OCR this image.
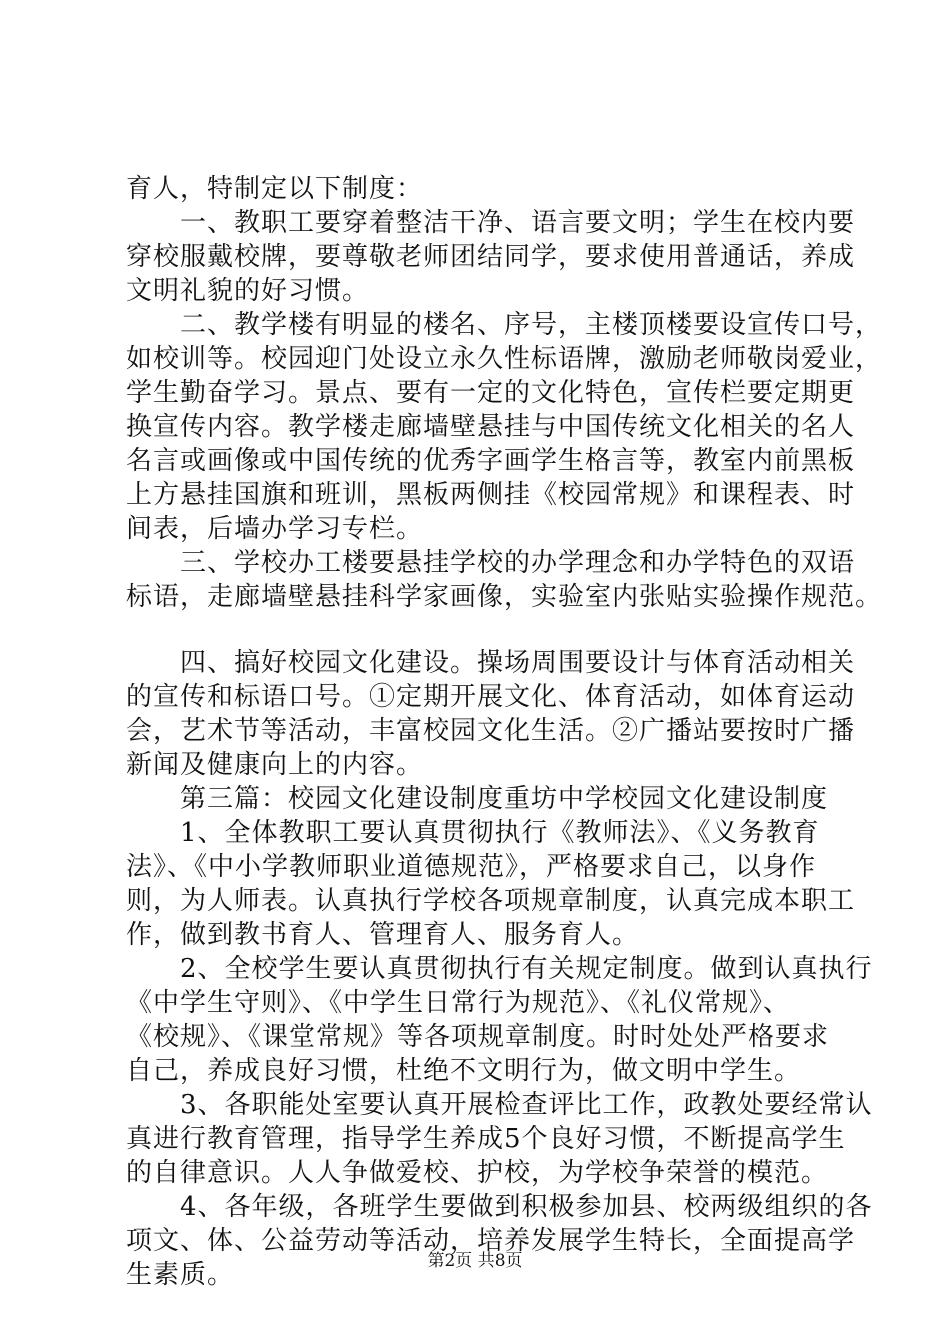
育人，特制定以下制度：
　　一、教职工要穿着整洁干净、语言要文明；学生在校内要
穿校服戴校牌，要尊敬老师团结同学，要求使用普通话，养成
文明礼貌的好习惯。
　　二、教学楼有明显的楼名、序号，主楼顶楼要设宣传口号，
如校训等。校园迎门处设立永久性标语牌，激励老师敬岗爱业，
学生勤奋学习。景点、要有一定的文化特色，宣传栏要定期更
换宣传内容。教学楼走廊墙壁悬挂与中国传统文化相关的名人
名言或画像或中国传统的优秀字画学生格言等，教室内前黑板
上方悬挂国旗和班训，黑板两侧挂《校园常规》和课程表、时
间表，后墙办学习专栏。
　　三、学校办工楼要悬挂学校的办学理念和办学特色的双语
标语，走廊墙壁悬挂科学家画像，实验室内张贴实验操作规范。
　　四、搞好校园文化建设。操场周围要设计与体育活动相关
的宣传和标语口号。①定期开展文化、体育活动，如体育运动
会，艺术节等活动，丰富校园文化生活。②广播站要按时广播
新闻及健康向上的内容。
　　第三篇：校园文化建设制度重坊中学校园文化建设制度
　　1、全体教职工要认真贯彻执行《教师法》、《义务教育
法》、《中小学教师职业道德规范》，严格要求自己，以身作
则，为人师表。认真执行学校各项规章制度，认真完成本职工
作，做到教书育人、管理育人、服务育人。
　　2、全校学生要认真贯彻执行有关规定制度。做到认真执行
《中学生守则》、《中学生日常行为规范》、《礼仪常规》、
《校规》、《课堂常规》等各项规章制度。时时处处严格要求
自己，养成良好习惯，杜绝不文明行为，做文明中学生。
　　3、各职能处室要认真开展检查评比工作，政教处要经常认
真进行教育管理，指导学生养成5个良好习惯，不断提高学生
的自律意识。人人争做爱校、护校，为学校争荣誉的模范。
　　4、各年级，各班学生要做到积极参加县、校两级组织的各
项文、体、公益劳动等活动，培养发展学生特长，全面提高学
生素质。	第2页 共8页
